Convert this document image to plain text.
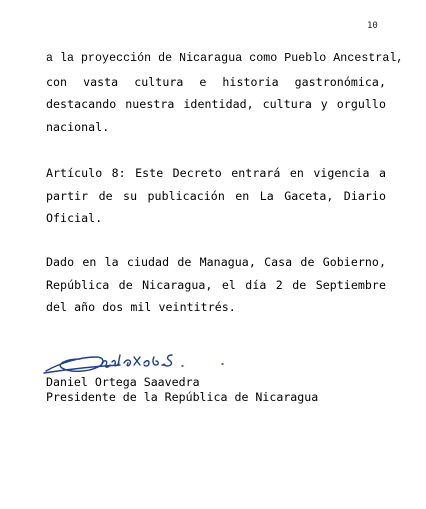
10
a la proyección de Nicaragua como Pueblo Ancestral,
con vasta cultura e historia gastronómica,
destacando nuestra identidad, cultura y orgullo
nacional.
Artículo 8: Este Decreto entrará en vigencia a
partir de su publicación en La Gaceta, Diario
Oficial.
Dado en la ciudad de Managua, Casa de Gobierno,
República de Nicaragua, el día 2 de Septiembre
del año dos mil veintitrés.
Daniel Ortega Saavedra
Presidente de la República de Nicaragua
